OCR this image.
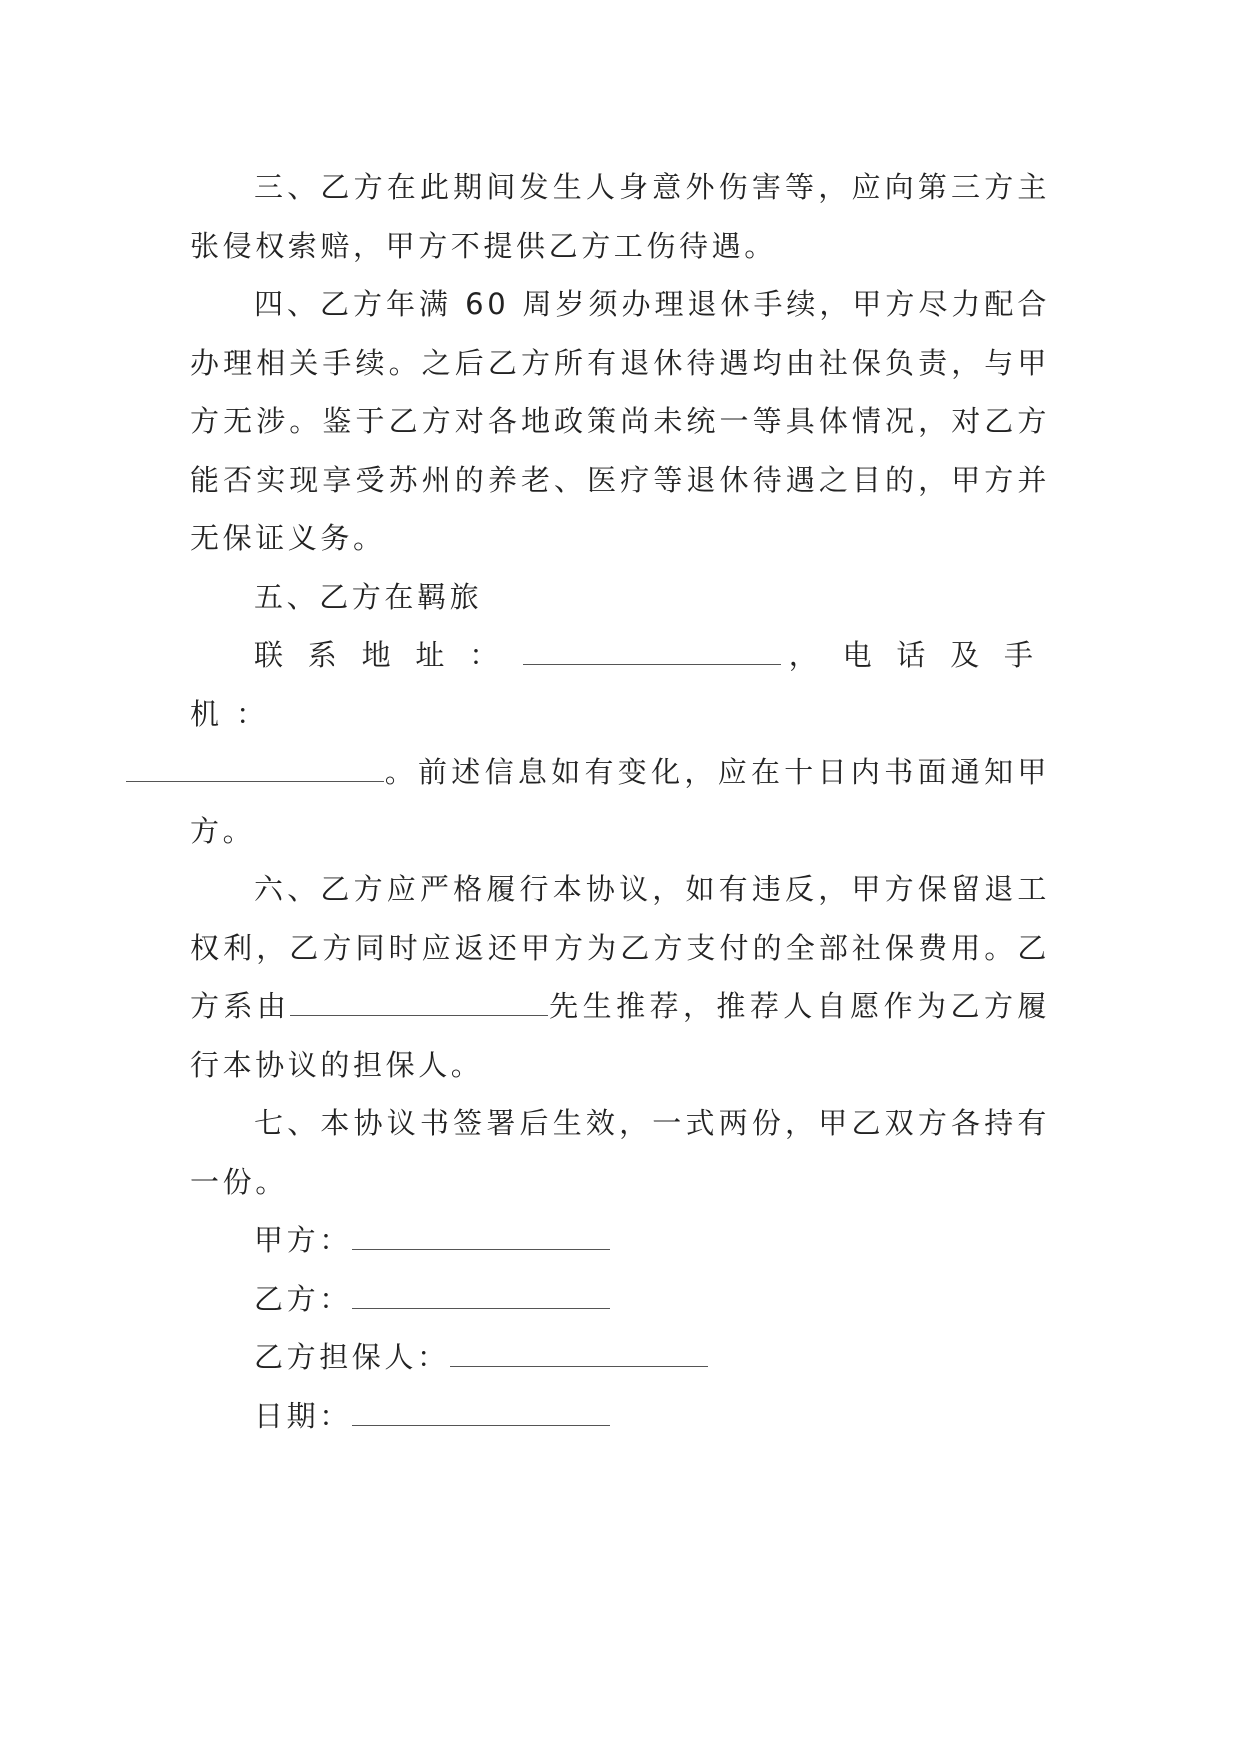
三、乙方在此期间发生人身意外伤害等，应向第三方主张侵权索赔，甲方不提供乙方工伤待遇。

四、乙方年满 60 周岁须办理退休手续，甲方尽力配合办理相关手续。之后乙方所有退休待遇均由社保负责，与甲方无涉。鉴于乙方对各地政策尚未统一等具体情况，对乙方能否实现享受苏州的养老、医疗等退休待遇之目的，甲方并无保证义务。

五、乙方在羁旅

联系地址：	，电话及手机：
。前述信息如有变化，应在十日内书面通知甲方。

六、乙方应严格履行本协议，如有违反，甲方保留退工权利，乙方同时应返还甲方为乙方支付的全部社保费用。乙方系由	先生推荐，推荐人自愿作为乙方履行本协议的担保人。

七、本协议书签署后生效，一式两份，甲乙双方各持有一份。

甲方：

乙方：

乙方担保人：

日期：
